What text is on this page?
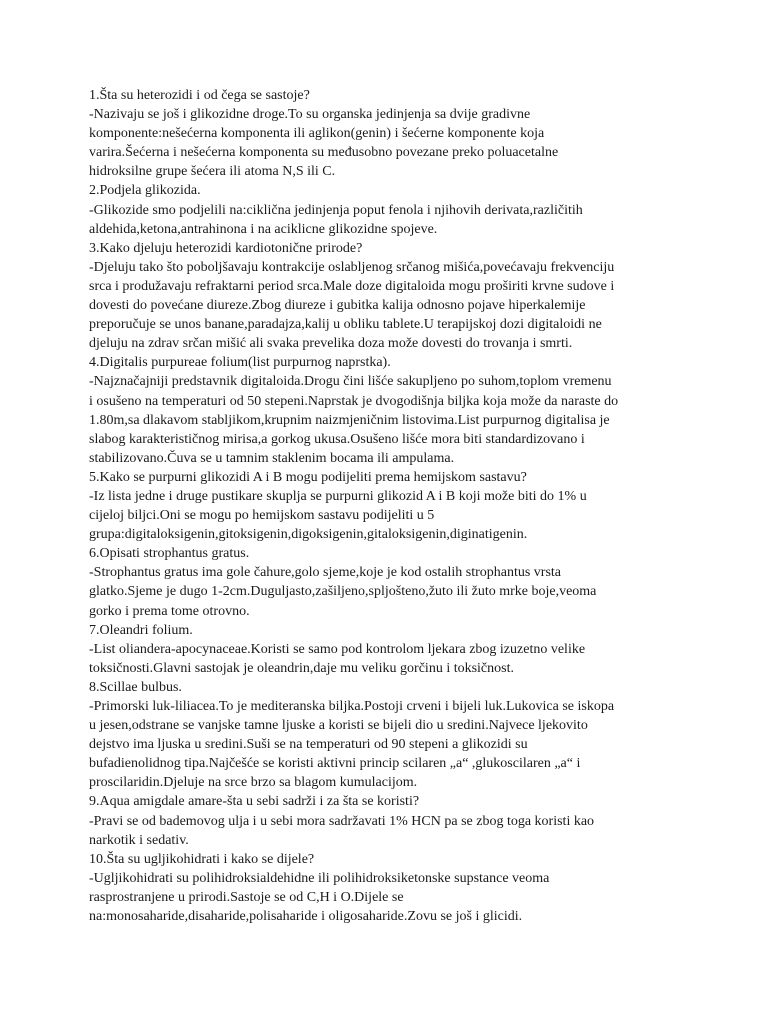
1.Šta su heterozidi i od čega se sastoje?
-Nazivaju se još i glikozidne droge.To su organska jedinjenja sa dvije gradivne
komponente:nešećerna komponenta ili aglikon(genin) i šećerne komponente koja
varira.Šećerna i nešećerna komponenta su međusobno povezane preko poluacetalne
hidroksilne grupe šećera ili atoma N,S ili C.
2.Podjela glikozida.
-Glikozide smo podjelili na:ciklična jedinjenja poput fenola i njihovih derivata,različitih
aldehida,ketona,antrahinona i na aciklicne glikozidne spojeve.
3.Kako djeluju heterozidi kardiotonične prirode?
-Djeluju tako što poboljšavaju kontrakcije oslabljenog srčanog mišića,povećavaju frekvenciju
srca i produžavaju refraktarni period srca.Male doze digitaloida mogu proširiti krvne sudove i
dovesti do povećane diureze.Zbog diureze i gubitka kalija odnosno pojave hiperkalemije
preporučuje se unos banane,paradajza,kalij u obliku tablete.U terapijskoj dozi digitaloidi ne
djeluju na zdrav srčan mišić ali svaka prevelika doza može dovesti do trovanja i smrti.
4.Digitalis purpureae folium(list purpurnog naprstka).
-Najznačajniji predstavnik digitaloida.Drogu čini lišće sakupljeno po suhom,toplom vremenu
i osušeno na temperaturi od 50 stepeni.Naprstak je dvogodišnja biljka koja može da naraste do
1.80m,sa dlakavom stabljikom,krupnim naizmjeničnim listovima.List purpurnog digitalisa je
slabog karakterističnog mirisa,a gorkog ukusa.Osušeno lišće mora biti standardizovano i
stabilizovano.Čuva se u tamnim staklenim bocama ili ampulama.
5.Kako se purpurni glikozidi A i B mogu podijeliti prema hemijskom sastavu?
-Iz lista jedne i druge pustikare skuplja se purpurni glikozid A i B koji može biti do 1% u
cijeloj biljci.Oni se mogu po hemijskom sastavu podijeliti u 5
grupa:digitaloksigenin,gitoksigenin,digoksigenin,gitaloksigenin,diginatigenin.
6.Opisati strophantus gratus.
-Strophantus gratus ima gole čahure,golo sjeme,koje je kod ostalih strophantus vrsta
glatko.Sjeme je dugo 1-2cm.Duguljasto,zašiljeno,spljošteno,žuto ili žuto mrke boje,veoma
gorko i prema tome otrovno.
7.Oleandri folium.
-List oliandera-apocynaceae.Koristi se samo pod kontrolom ljekara zbog izuzetno velike
toksičnosti.Glavni sastojak je oleandrin,daje mu veliku gorčinu i toksičnost.
8.Scillae bulbus.
-Primorski luk-liliacea.To je mediteranska biljka.Postoji crveni i bijeli luk.Lukovica se iskopa
u jesen,odstrane se vanjske tamne ljuske a koristi se bijeli dio u sredini.Najvece ljekovito
dejstvo ima ljuska u sredini.Suši se na temperaturi od 90 stepeni a glikozidi su
bufadienolidnog tipa.Najčešće se koristi aktivni princip scilaren „a“ ,glukoscilaren „a“ i
proscilaridin.Djeluje na srce brzo sa blagom kumulacijom.
9.Aqua amigdale amare-šta u sebi sadrži i za šta se koristi?
-Pravi se od bademovog ulja i u sebi mora sadržavati 1% HCN pa se zbog toga koristi kao
narkotik i sedativ.
10.Šta su ugljikohidrati i kako se dijele?
-Ugljikohidrati su polihidroksialdehidne ili polihidroksiketonske supstance veoma
rasprostranjene u prirodi.Sastoje se od C,H i O.Dijele se
na:monosaharide,disaharide,polisaharide i oligosaharide.Zovu se još i glicidi.
